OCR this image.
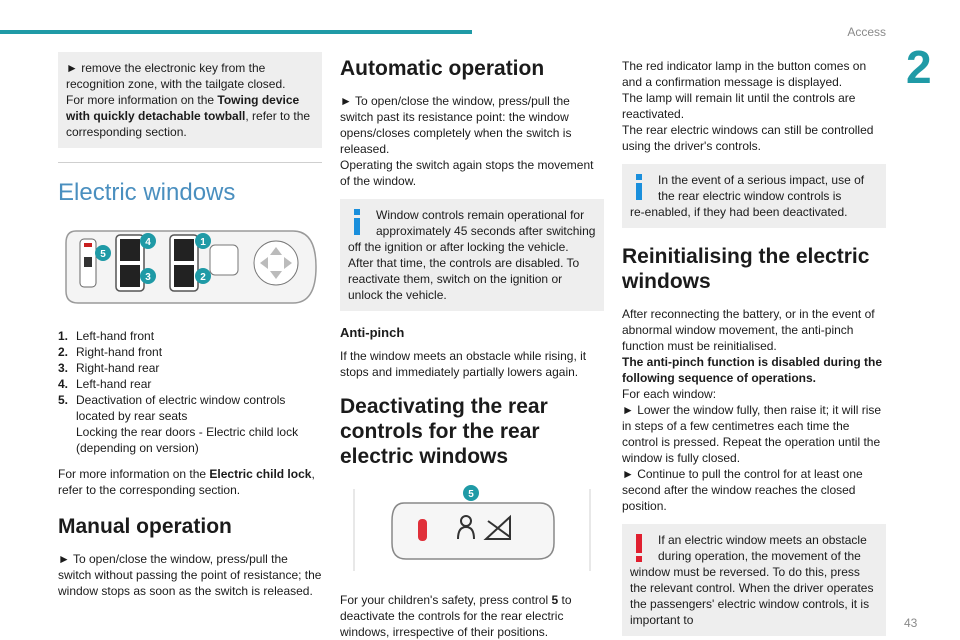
Access
2
43
► remove the electronic key from the recognition zone, with the tailgate closed.
For more information on the Towing device with quickly detachable towball, refer to the corresponding section.
Electric windows
5
4
3
1
2
1. Left-hand front
2. Right-hand front
3. Right-hand rear
4. Left-hand rear
5. Deactivation of electric window controls located by rear seats
Locking the rear doors - Electric child lock (depending on version)
For more information on the Electric child lock, refer to the corresponding section.
Manual operation
► To open/close the window, press/pull the switch without passing the point of resistance; the window stops as soon as the switch is released.
Automatic operation
► To open/close the window, press/pull the switch past its resistance point: the window opens/closes completely when the switch is released.
Operating the switch again stops the movement of the window.
Window controls remain operational for approximately 45 seconds after switching
off the ignition or after locking the vehicle. After that time, the controls are disabled. To reactivate them, switch on the ignition or unlock the vehicle.
Anti-pinch
If the window meets an obstacle while rising, it stops and immediately partially lowers again.
Deactivating the rear controls for the rear electric windows
5
For your children's safety, press control 5 to deactivate the controls for the rear electric windows, irrespective of their positions.
The red indicator lamp in the button comes on and a confirmation message is displayed.
The lamp will remain lit until the controls are reactivated.
The rear electric windows can still be controlled using the driver's controls.
In the event of a serious impact, use of the rear electric window controls is
re-enabled, if they had been deactivated.
Reinitialising the electric windows
After reconnecting the battery, or in the event of abnormal window movement, the anti-pinch function must be reinitialised.
The anti-pinch function is disabled during the following sequence of operations.
For each window:
► Lower the window fully, then raise it; it will rise in steps of a few centimetres each time the control is pressed. Repeat the operation until the window is fully closed.
► Continue to pull the control for at least one second after the window reaches the closed position.
If an electric window meets an obstacle during operation, the movement of the
window must be reversed. To do this, press the relevant control. When the driver operates the passengers' electric window controls, it is important to
